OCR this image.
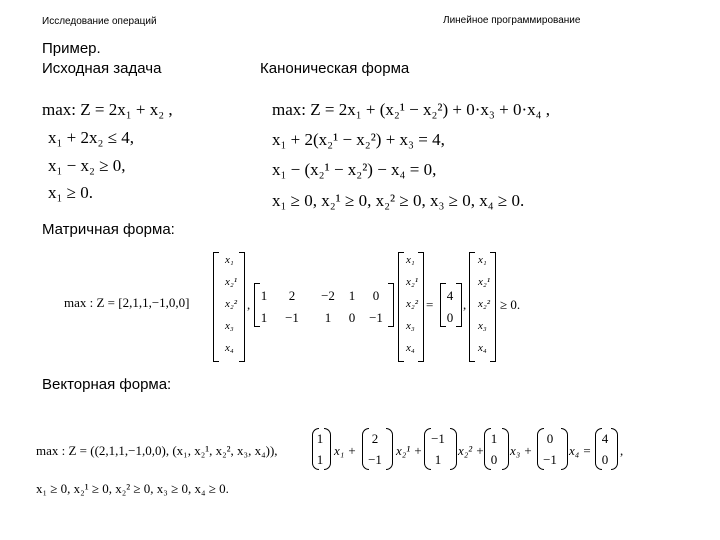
Исследование операций	Линейное программирование
Пример.
Исходная задача	Каноническая форма
Матричная форма:
Векторная форма:
max: Z = 2x₁ + x₂ ,
x₁ + 2x₂ ≤ 4,
x₁ − x₂ ≥ 0,
x₁ ≥ 0.
max: Z = 2x₁ + (x₂¹ − x₂²) + 0·x₃ + 0·x₄ ,
x₁ + 2(x₂¹ − x₂²) + x₃ = 4,
x₁ − (x₂¹ − x₂²) − x₄ = 0,
x₁ ≥ 0, x₂¹ ≥ 0, x₂² ≥ 0, x₃ ≥ 0, x₄ ≥ 0.
max : Z = [2,1,1,−1,0,0]
x₁
x₂¹
x₂²
x₃
x₄
,
1	2	−2	1	0
1	−1	1	0	−1
x₁
x₂¹
x₂²
x₃
x₄
=
4
0
,
x₁
x₂¹
x₂²
x₃
x₄
≥ 0.
max : Z = ((2,1,1,−1,0,0), (x₁, x₂¹, x₂², x₃, x₄)),
1
1
x₁ +
2
−1
x₂¹ +
−1
1
x₂² +
1
0
x₃ +
0
−1
x₄ =
4
0
,
x₁ ≥ 0, x₂¹ ≥ 0, x₂² ≥ 0, x₃ ≥ 0, x₄ ≥ 0.
